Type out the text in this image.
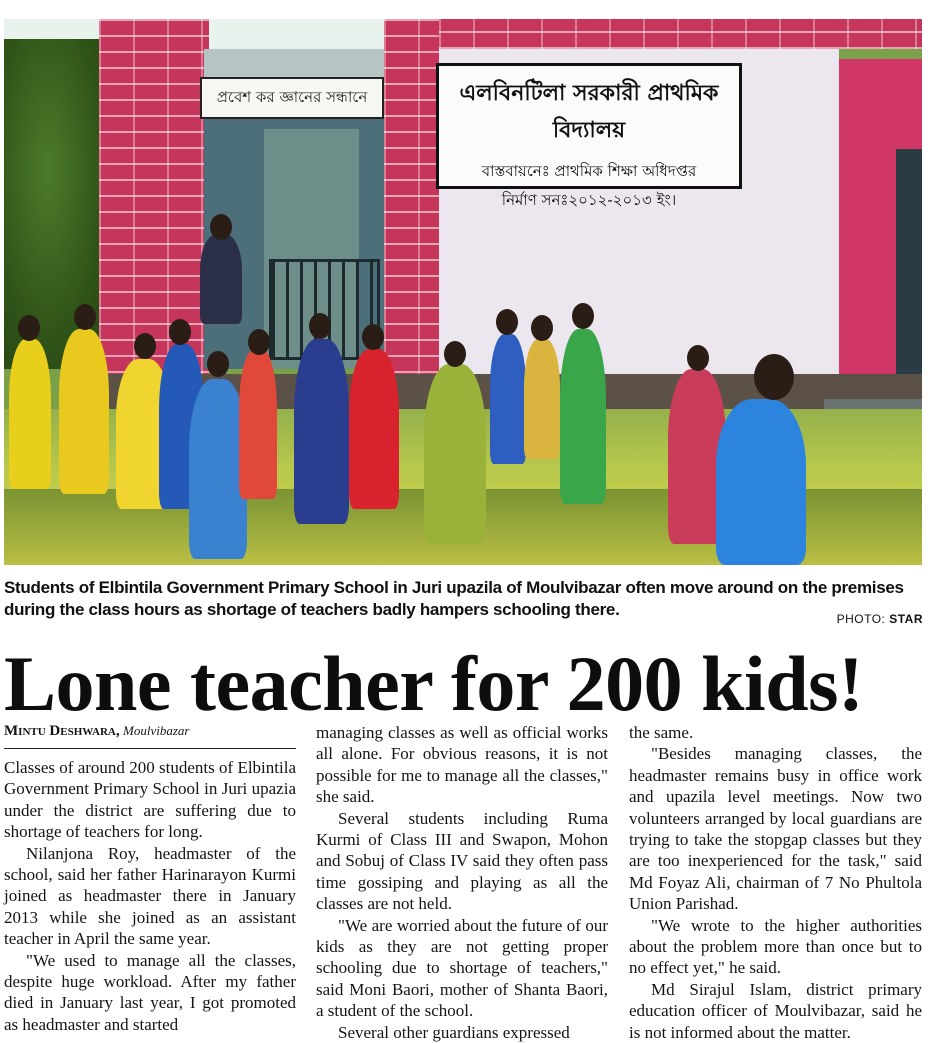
প্রবেশ কর জ্ঞানের সন্ধানে	এলবিনটিলা সরকারী প্রাথমিক বিদ্যালয়
বাস্তবায়নেঃ প্রাথমিক শিক্ষা অধিদপ্তর
নির্মাণ সনঃ২০১২-২০১৩ ইং।
Students of Elbintila Government Primary School in Juri upazila of Moulvibazar often move around on the premises during the class hours as shortage of teachers badly hampers schooling there.	PHOTO: STAR
Lone teacher for 200 kids!
Mintu Deshwara, Moulvibazar

Classes of around 200 students of Elbintila Government Primary School in Juri upazia under the district are suffering due to shortage of teachers for long.

Nilanjona Roy, headmaster of the school, said her father Harinarayon Kurmi joined as headmaster there in January 2013 while she joined as an assistant teacher in April the same year.

"We used to manage all the classes, despite huge workload. After my father died in January last year, I got promoted as headmaster and started

managing classes as well as official works all alone. For obvious reasons, it is not possible for me to manage all the classes," she said.

Several students including Ruma Kurmi of Class III and Swapon, Mohon and Sobuj of Class IV said they often pass time gossiping and playing as all the classes are not held.

"We are worried about the future of our kids as they are not getting proper schooling due to shortage of teachers," said Moni Baori, mother of Shanta Baori, a student of the school.

Several other guardians expressed

the same.

"Besides managing classes, the headmaster remains busy in office work and upazila level meetings. Now two volunteers arranged by local guardians are trying to take the stopgap classes but they are too inexperienced for the task," said Md Foyaz Ali, chairman of 7 No Phultola Union Parishad.

"We wrote to the higher authorities about the problem more than once but to no effect yet," he said.

Md Sirajul Islam, district primary education officer of Moulvibazar, said he is not informed about the matter.
